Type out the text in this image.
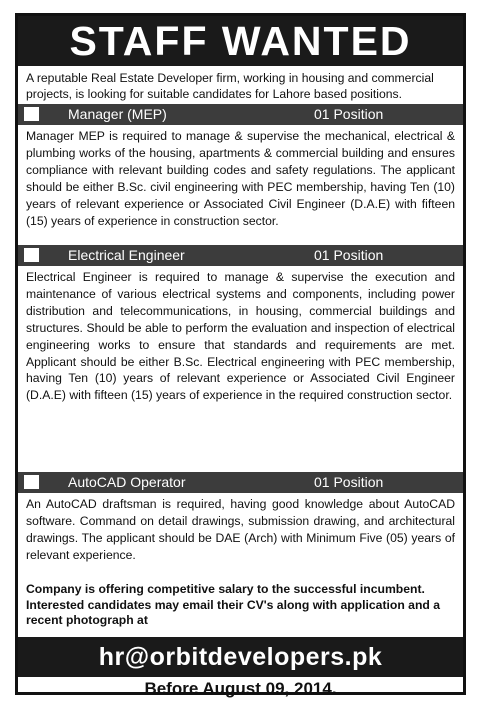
STAFF WANTED
A reputable Real Estate Developer firm, working in housing and commercial projects, is looking for suitable candidates for Lahore based positions.
Manager (MEP)	01 Position
Manager MEP is required to manage & supervise the mechanical, electrical & plumbing works of the housing, apartments & commercial building and ensures compliance with relevant building codes and safety regulations. The applicant should be either B.Sc. civil engineering with PEC membership, having Ten (10) years of relevant experience or Associated Civil Engineer (D.A.E) with fifteen (15) years of experience in construction sector.
Electrical Engineer	01 Position
Electrical Engineer is required to manage & supervise the execution and maintenance of various electrical systems and components, including power distribution and telecommunications, in housing, commercial buildings and structures. Should be able to perform the evaluation and inspection of electrical engineering works to ensure that standards and requirements are met. Applicant should be either B.Sc. Electrical engineering with PEC membership, having Ten (10) years of relevant experience or Associated Civil Engineer (D.A.E) with fifteen (15) years of experience in the required construction sector.
AutoCAD Operator	01 Position
An AutoCAD draftsman is required, having good knowledge about AutoCAD software. Command on detail drawings, submission drawing, and architectural drawings. The applicant should be DAE (Arch) with Minimum Five (05) years of relevant experience.
Company is offering competitive salary to the successful incumbent. Interested candidates may email their CV's along with application and a recent photograph at
hr@orbitdevelopers.pk
Before August 09, 2014.
